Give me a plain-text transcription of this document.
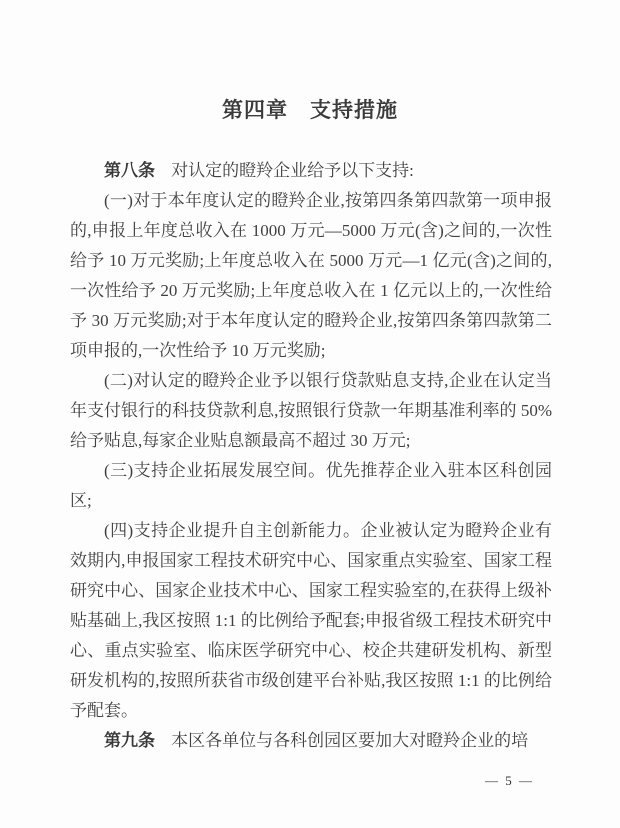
第四章　支持措施

第八条 对认定的瞪羚企业给予以下支持:

(一)对于本年度认定的瞪羚企业,按第四条第四款第一项申报的,申报上年度总收入在 1000 万元—5000 万元(含)之间的,一次性给予 10 万元奖励;上年度总收入在 5000 万元—1 亿元(含)之间的,一次性给予 20 万元奖励;上年度总收入在 1 亿元以上的,一次性给予 30 万元奖励;对于本年度认定的瞪羚企业,按第四条第四款第二项申报的,一次性给予 10 万元奖励;

(二)对认定的瞪羚企业予以银行贷款贴息支持,企业在认定当年支付银行的科技贷款利息,按照银行贷款一年期基准利率的 50%给予贴息,每家企业贴息额最高不超过 30 万元;

(三)支持企业拓展发展空间。优先推荐企业入驻本区科创园区;

(四)支持企业提升自主创新能力。企业被认定为瞪羚企业有效期内,申报国家工程技术研究中心、国家重点实验室、国家工程研究中心、国家企业技术中心、国家工程实验室的,在获得上级补贴基础上,我区按照 1:1 的比例给予配套;申报省级工程技术研究中心、重点实验室、临床医学研究中心、校企共建研发机构、新型研发机构的,按照所获省市级创建平台补贴,我区按照 1:1 的比例给予配套。

第九条 本区各单位与各科创园区要加大对瞪羚企业的培

— 5 —
